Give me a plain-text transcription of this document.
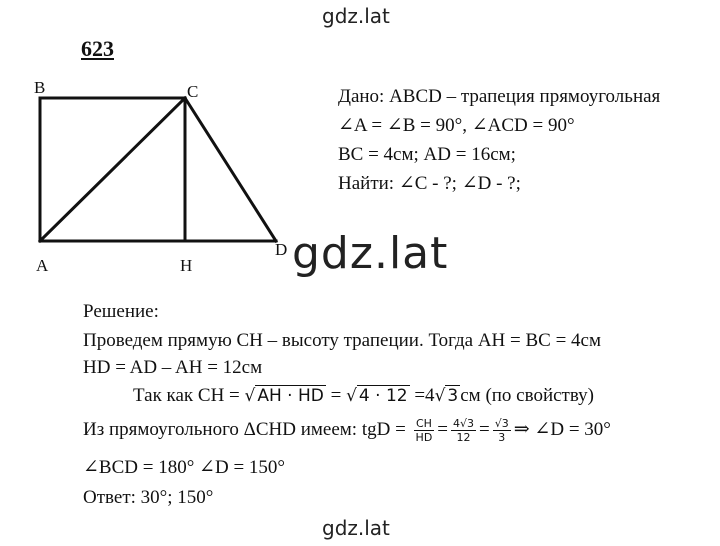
gdz.lat
gdz.lat
gdz.lat
623
B	C
A	H
D
Дано: ABCD – трапеция прямоугольная
∠A = ∠B = 90°, ∠ACD = 90°
BC = 4см; AD = 16см;
Найти: ∠C - ?; ∠D - ?;
Решение:
Проведем прямую CH – высоту трапеции. Тогда AH = BC = 4см
HD = AD – AH = 12см
Так как CH = √ AH · HD = √ 4 · 12 =4√ 3 см (по свойству)
Из прямоугольного ΔCHD имеем: tgD = $\frac{CH}{HD} = \frac{4√3}{12} = \frac{√3}{3}$ ⇒ ∠D = 30°
∠BCD = 180° ∠D = 150°
Ответ: 30°; 150°
